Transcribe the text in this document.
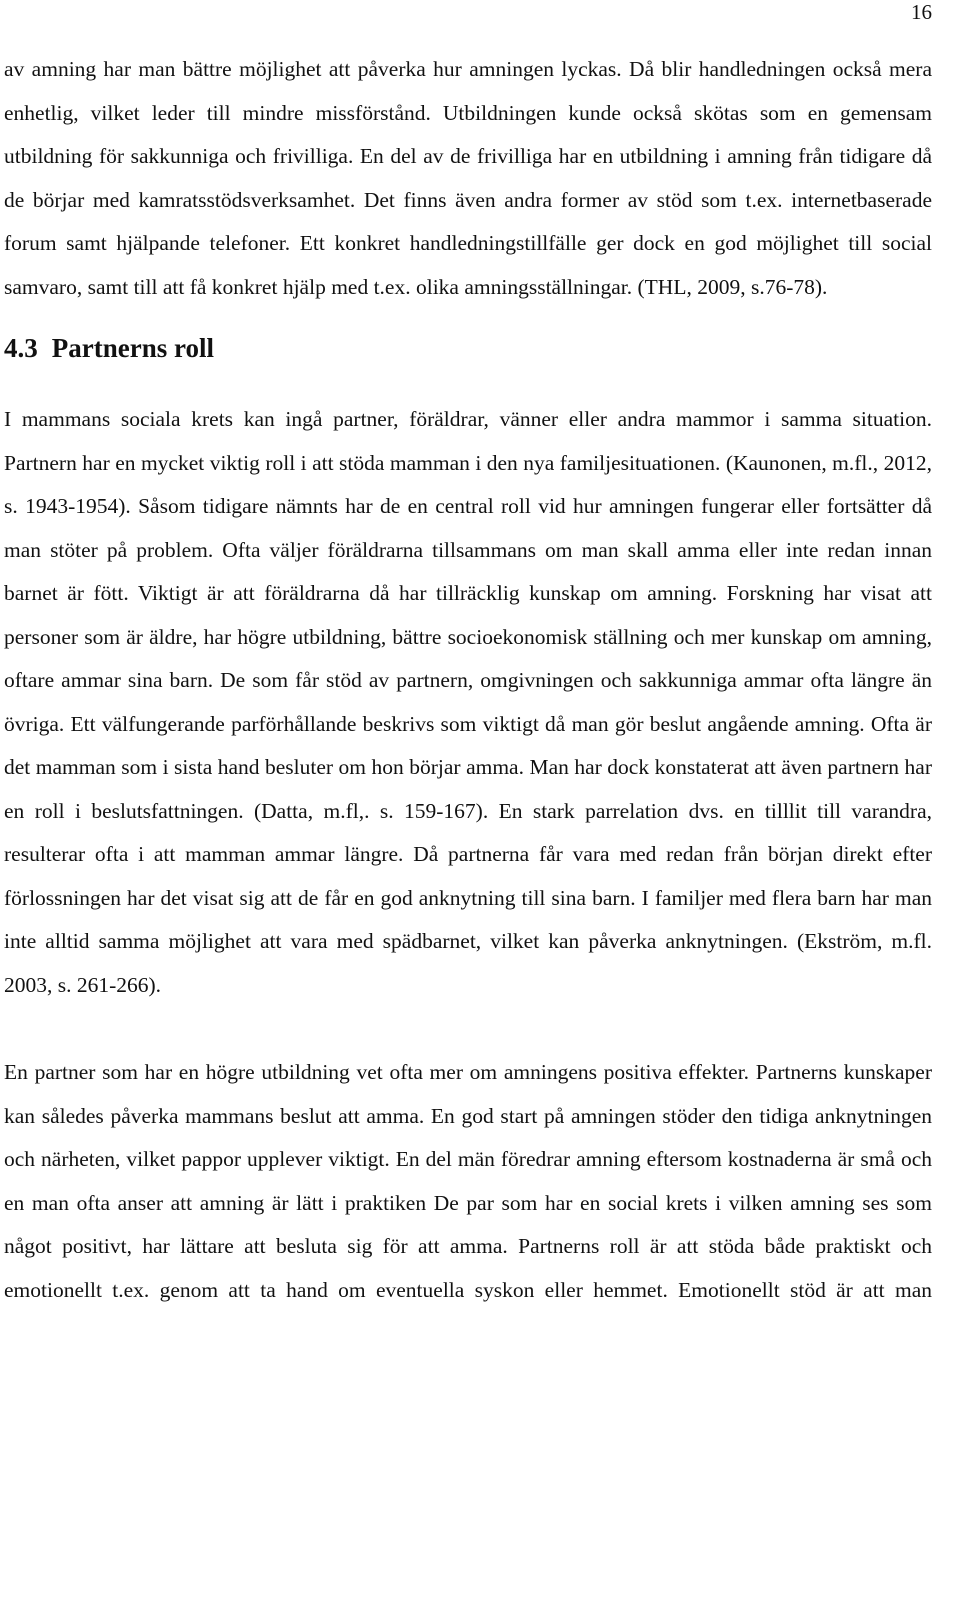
16

av amning har man bättre möjlighet att påverka hur amningen lyckas. Då blir handledningen också mera enhetlig, vilket leder till mindre missförstånd. Utbildningen kunde också skötas som en gemensam utbildning för sakkunniga och frivilliga. En del av de frivilliga har en utbildning i amning från tidigare då de börjar med kamratsstödsverksamhet. Det finns även andra former av stöd som t.ex. internetbaserade forum samt hjälpande telefoner. Ett konkret handledningstillfälle ger dock en god möjlighet till social samvaro, samt till att få konkret hjälp med t.ex. olika amningsställningar. (THL, 2009, s.76-78).

4.3 Partnerns roll

I mammans sociala krets kan ingå partner, föräldrar, vänner eller andra mammor i samma situation. Partnern har en mycket viktig roll i att stöda mamman i den nya familjesituationen. (Kaunonen, m.fl., 2012, s. 1943-1954). Såsom tidigare nämnts har de en central roll vid hur amningen fungerar eller fortsätter då man stöter på problem. Ofta väljer föräldrarna tillsammans om man skall amma eller inte redan innan barnet är fött. Viktigt är att föräldrarna då har tillräcklig kunskap om amning. Forskning har visat att personer som är äldre, har högre utbildning, bättre socioekonomisk ställning och mer kunskap om amning, oftare ammar sina barn. De som får stöd av partnern, omgivningen och sakkunniga ammar ofta längre än övriga. Ett välfungerande parförhållande beskrivs som viktigt då man gör beslut angående amning. Ofta är det mamman som i sista hand besluter om hon börjar amma. Man har dock konstaterat att även partnern har en roll i beslutsfattningen. (Datta, m.fl,. s. 159-167). En stark parrelation dvs. en tilllit till varandra, resulterar ofta i att mamman ammar längre. Då partnerna får vara med redan från början direkt efter förlossningen har det visat sig att de får en god anknytning till sina barn. I familjer med flera barn har man inte alltid samma möjlighet att vara med spädbarnet, vilket kan påverka anknytningen. (Ekström, m.fl. 2003, s. 261-266).

En partner som har en högre utbildning vet ofta mer om amningens positiva effekter. Partnerns kunskaper kan således påverka mammans beslut att amma. En god start på amningen stöder den tidiga anknytningen och närheten, vilket pappor upplever viktigt. En del män föredrar amning eftersom kostnaderna är små och en man ofta anser att amning är lätt i praktiken De par som har en social krets i vilken amning ses som något positivt, har lättare att besluta sig för att amma. Partnerns roll är att stöda både praktiskt och emotionellt t.ex. genom att ta hand om eventuella syskon eller hemmet. Emotionellt stöd är att man
